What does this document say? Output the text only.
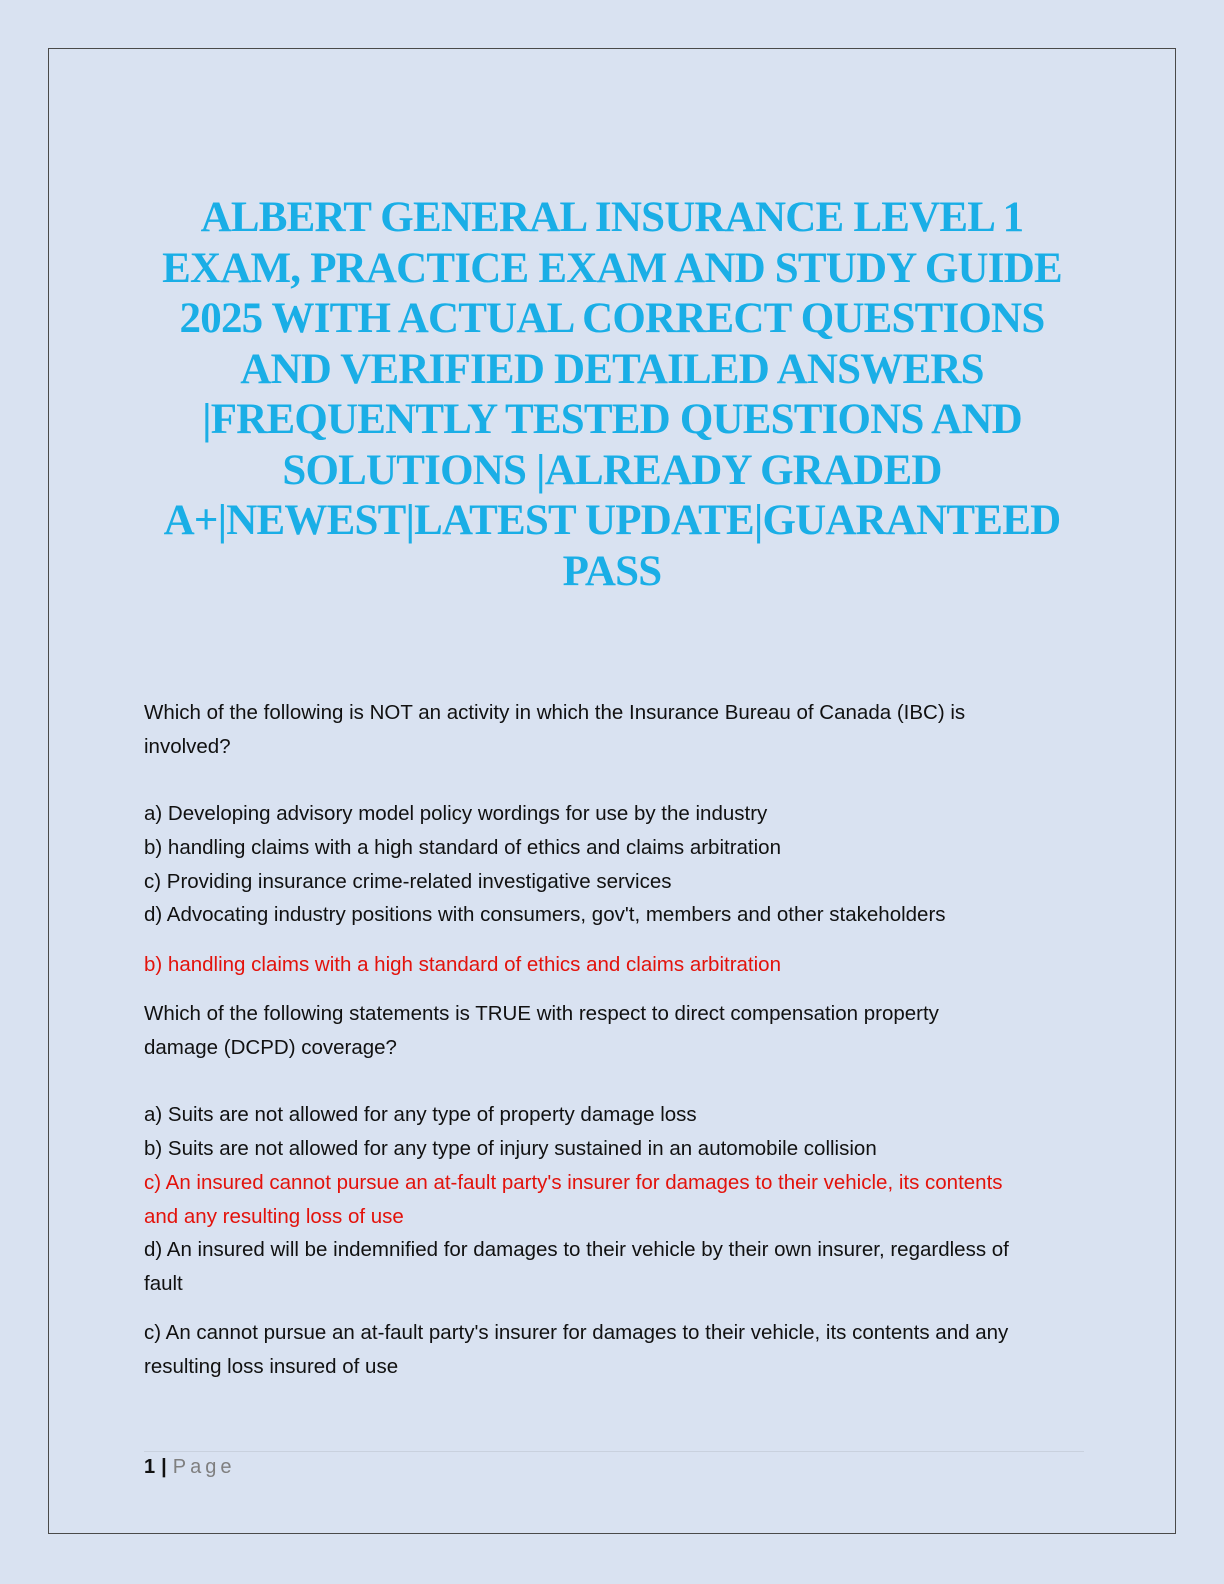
ALBERT GENERAL INSURANCE LEVEL 1
EXAM, PRACTICE EXAM AND STUDY GUIDE
2025 WITH ACTUAL CORRECT QUESTIONS
AND VERIFIED DETAILED ANSWERS
|FREQUENTLY TESTED QUESTIONS AND
SOLUTIONS |ALREADY GRADED
A+|NEWEST|LATEST UPDATE|GUARANTEED
PASS
Which of the following is NOT an activity in which the Insurance Bureau of Canada (IBC) is
involved?
a) Developing advisory model policy wordings for use by the industry
b) handling claims with a high standard of ethics and claims arbitration
c) Providing insurance crime-related investigative services
d) Advocating industry positions with consumers, gov't, members and other stakeholders
b) handling claims with a high standard of ethics and claims arbitration
Which of the following statements is TRUE with respect to direct compensation property
damage (DCPD) coverage?
a) Suits are not allowed for any type of property damage loss
b) Suits are not allowed for any type of injury sustained in an automobile collision
c) An insured cannot pursue an at-fault party's insurer for damages to their vehicle, its contents
and any resulting loss of use
d) An insured will be indemnified for damages to their vehicle by their own insurer, regardless of
fault
c) An cannot pursue an at-fault party's insurer for damages to their vehicle, its contents and any
resulting loss insured of use
1 | Page
